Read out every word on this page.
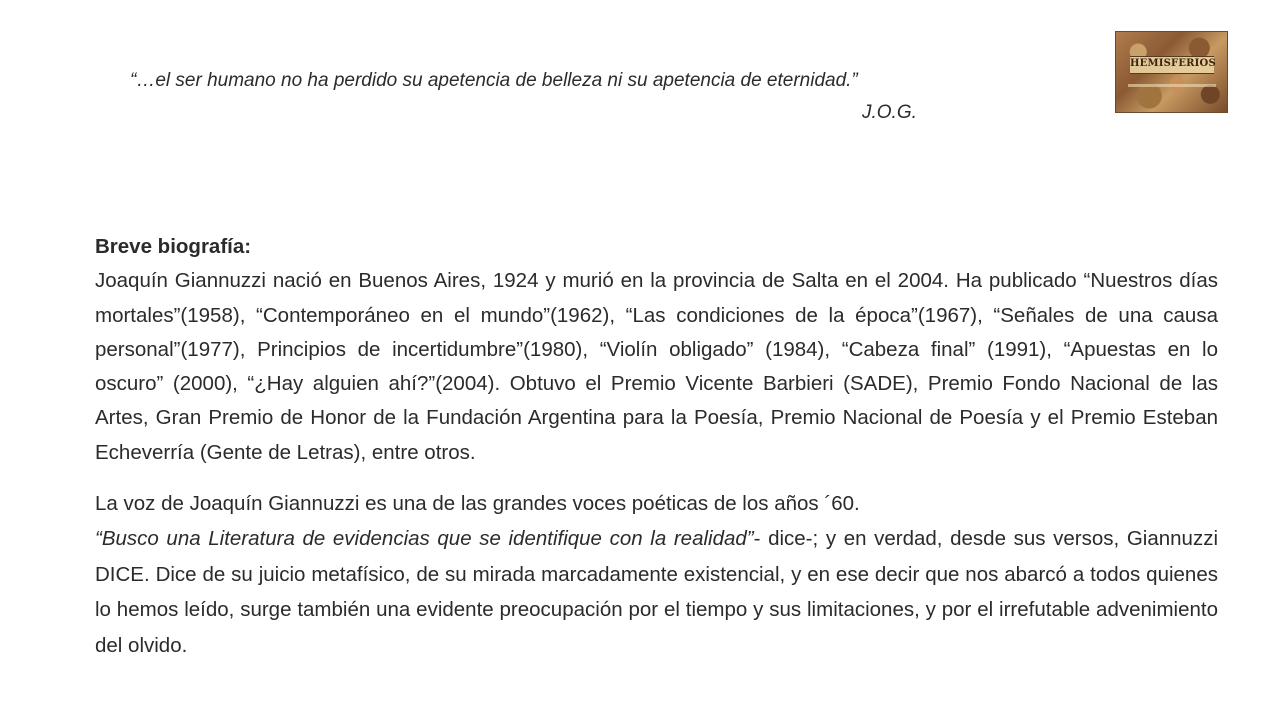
“…el ser humano no ha perdido su apetencia de belleza ni su apetencia de eternidad.”
J.O.G.
HEMISFERIOS

Breve biografía:

Joaquín Giannuzzi nació en Buenos Aires, 1924 y murió en la provincia de Salta en el 2004. Ha publicado “Nuestros días mortales”(1958), “Contemporáneo en el mundo”(1962), “Las condiciones de la época”(1967), “Señales de una causa personal”(1977), Principios de incertidumbre”(1980), “Violín obligado” (1984), “Cabeza final” (1991), “Apuestas en lo oscuro” (2000), “¿Hay alguien ahí?”(2004). Obtuvo el Premio Vicente Barbieri (SADE), Premio Fondo Nacional de las Artes, Gran Premio de Honor de la Fundación Argentina para la Poesía, Premio Nacional de Poesía y el Premio Esteban Echeverría (Gente de Letras), entre otros.

La voz de Joaquín Giannuzzi es una de las grandes voces poéticas de los años ´60.

“Busco una Literatura de evidencias que se identifique con la realidad”- dice-; y en verdad, desde sus versos, Giannuzzi DICE. Dice de su juicio metafísico, de su mirada marcadamente existencial, y en ese decir que nos abarcó a todos quienes lo hemos leído, surge también una evidente preocupación por el tiempo y sus limitaciones, y por el irrefutable advenimiento del olvido.
